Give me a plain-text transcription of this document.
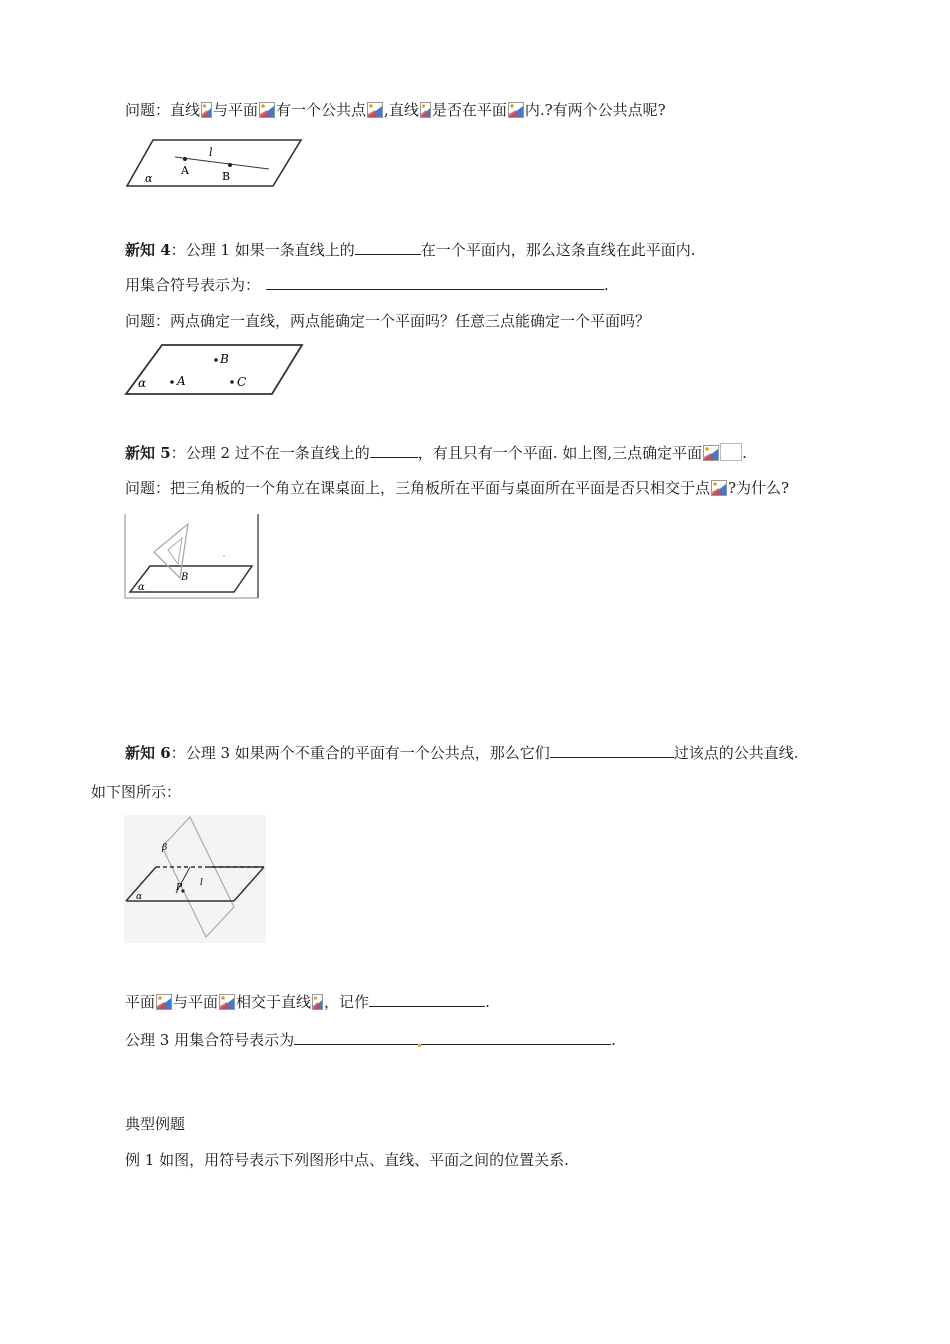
问题：直线 与平面 有一个公共点 ,直线 是否在平面 内.?有两个公共点呢?
l
A	B
α
新知 4：公理 1 如果一条直线上的	在一个平面内，那么这条直线在此平面内.
用集合符号表示为：	.
问题：两点确定一直线，两点能确定一个平面吗？任意三点能确定一个平面吗？
B
A	C
α
新知 5：公理 2 过不在一条直线上的	，有且只有一个平面. 如上图,三点确定平面	.
问题：把三角板的一个角立在课桌面上，三角板所在平面与桌面所在平面是否只相交于点 ?为什么?
B
α
新知 6：公理 3 如果两个不重合的平面有一个公共点，那么它们	过该点的公共直线.
如下图所示：
β
α
P l
平面 与平面 相交于直线 ，记作	.
公理 3 用集合符号表示为	.
典型例题
例 1 如图，用符号表示下列图形中点、直线、平面之间的位置关系.
